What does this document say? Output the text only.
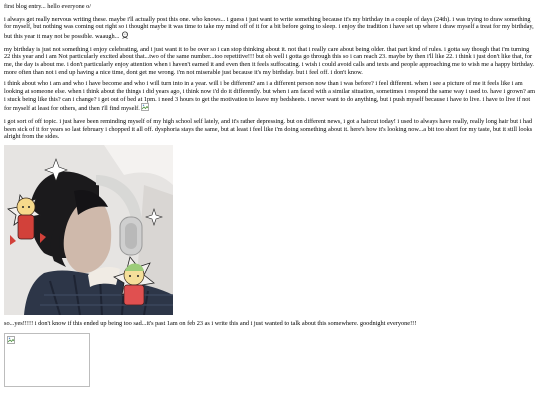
first blog entry... hello everyone o/

i always get really nervous writing these. maybe i'll actually post this one. who knows... i guess i just want to write something because it's my birthday in a couple of days (24th). i was trying to draw something for myself, but nothing was coming out right so i thought maybe it was time to take my mind off of it for a bit before going to sleep. i enjoy the tradition i have set up where i draw myself a treat for my birthday, but this year it may not be possible. waaugh...

my birthday is just not something i enjoy celebrating, and i just want it to be over so i can stop thinking about it. not that i really care about being older. that part kind of rules. i gotta say though that i'm turning 22 this year and i am Not particularly excited about that...two of the same number...too repetitive!!! but oh well i gotta go through this so i can reach 23. maybe by then i'll like 22. i think i just don't like that, for me, the day is about me. i don't particularly enjoy attention when i haven't earned it and even then it feels suffocating. i wish i could avoid calls and texts and people approaching me to wish me a happy birthday. more often than not i end up having a nice time, dont get me wrong. i'm not miserable just because it's my birthday. but i feel off. i don't know.

i think about who i am and who i have become and who i will turn into in a year. will i be different? am i a different person now than i was before? i feel different. when i see a picture of me it feels like i am looking at someone else. when i think about the things i did years ago, i think now i'd do it differently. but when i am faced with a similar situation, sometimes i respond the same way i used to. have i grown? am i stuck being like this? can i change? i get out of bed at 1pm. i need 3 hours to get the motivation to leave my bedsheets. i never want to do anything, but i push myself because i have to live. i have to live if not for myself at least for others, and then i'll find myself.

i got sort of off topic. i just have been reminding myself of my high school self lately, and it's rather depressing. but on different news, i got a haircut today! i used to always have really, really long hair but i had been sick of it for years so last february i chopped it all off. dysphoria stays the same, but at least i feel like i'm doing something about it. here's how it's looking now...a bit too short for my taste, but it still looks alright from the sides.

so...yes!!!!! i don't know if this ended up being too sad...it's past 1am on feb 23 as i write this and i just wanted to talk about this somewhere. goodnight everyone!!!
